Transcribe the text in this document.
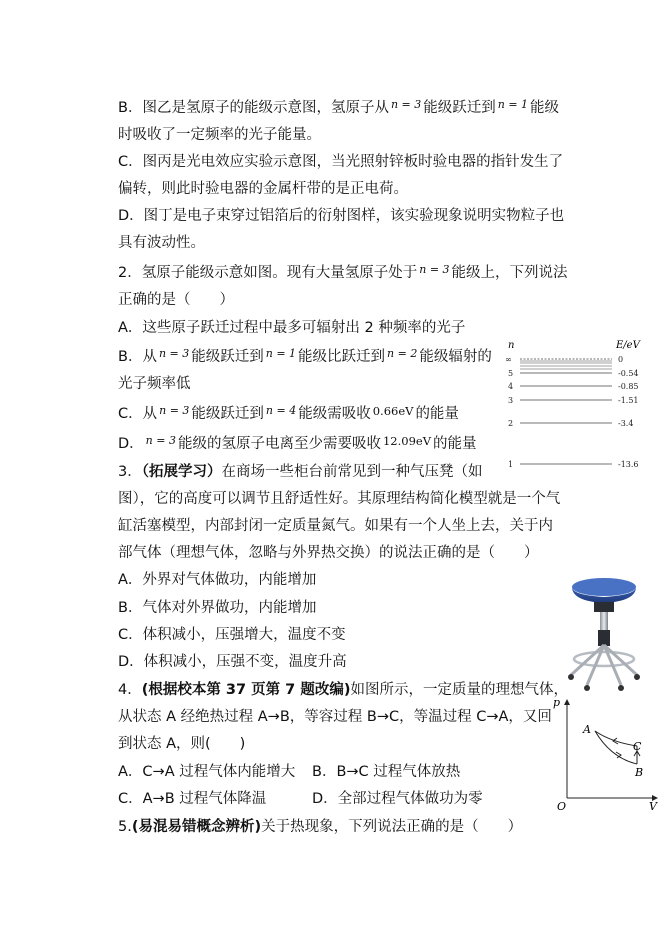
B．图乙是氢原子的能级示意图，氢原子从 $^{n = 3}$ 能级跃迁到 $^{n = 1}$ 能级
时吸收了一定频率的光子能量。
C．图丙是光电效应实验示意图，当光照射锌板时验电器的指针发生了
偏转，则此时验电器的金属杆带的是正电荷。
D．图丁是电子束穿过铝箔后的衍射图样，该实验现象说明实物粒子也
具有波动性。
2．氢原子能级示意如图。现有大量氢原子处于 $^{n = 3}$ 能级上，下列说法
正确的是（　　）
A．这些原子跃迁过程中最多可辐射出 2 种频率的光子
B．从 $^{n = 3}$ 能级跃迁到 $^{n = 1}$ 能级比跃迁到 $^{n = 2}$ 能级辐射的
光子频率低
C．从 $^{n = 3}$ 能级跃迁到 $^{n = 4}$ 能级需吸收 $^{0.66eV}$ 的能量
D． $^{n = 3}$ 能级的氢原子电离至少需要吸收 $^{12.09eV}$ 的能量
n	E/eV
∞	0
5	-0.54
4	-0.85
3	-1.51
2	-3.4
1	-13.6
3．（拓展学习）在商场一些柜台前常见到一种气压凳（如
图），它的高度可以调节且舒适性好。其原理结构简化模型就是一个气
缸活塞模型，内部封闭一定质量氮气。如果有一个人坐上去，关于内
部气体（理想气体，忽略与外界热交换）的说法正确的是（　　）
A．外界对气体做功，内能增加
B．气体对外界做功，内能增加
C．体积减小，压强增大，温度不变
D．体积减小，压强不变，温度升高
4．(根据校本第 37 页第 7 题改编)如图所示，一定质量的理想气体，
从状态 A 经绝热过程 A→B，等容过程 B→C，等温过程 C→A，又回
到状态 A，则(　　)
A．C→A 过程气体内能增大 B．B→C 过程气体放热
C．A→B 过程气体降温	D．全部过程气体做功为零
p
V
O
A
B
C
5.(易混易错概念辨析)关于热现象，下列说法正确的是（　　）
